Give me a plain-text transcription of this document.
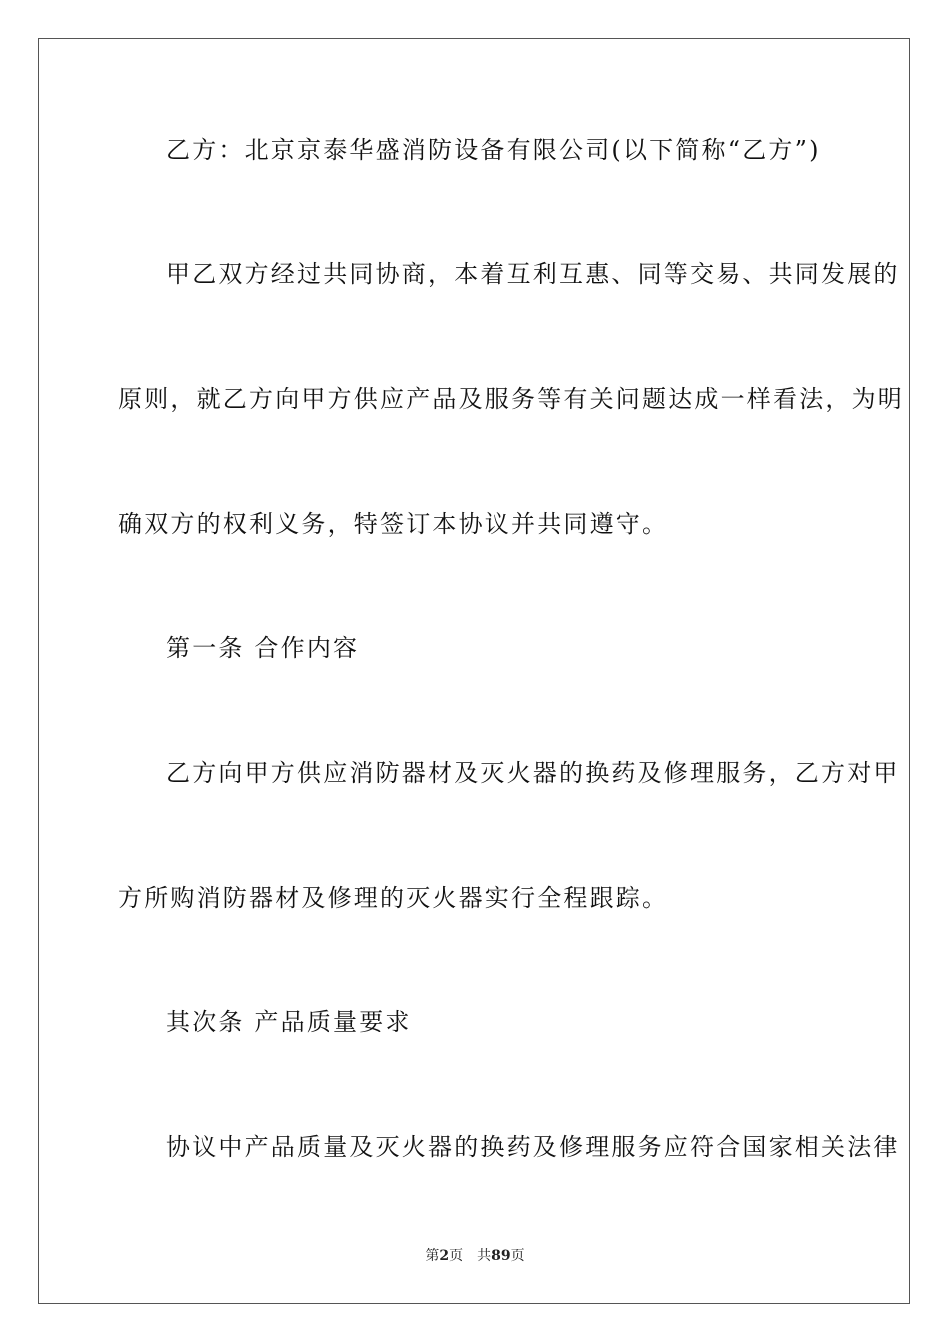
乙方：北京京泰华盛消防设备有限公司(以下简称“乙方”)
甲乙双方经过共同协商，本着互利互惠、同等交易、共同发展的
原则，就乙方向甲方供应产品及服务等有关问题达成一样看法，为明
确双方的权利义务，特签订本协议并共同遵守。
第一条 合作内容
乙方向甲方供应消防器材及灭火器的换药及修理服务，乙方对甲
方所购消防器材及修理的灭火器实行全程跟踪。
其次条 产品质量要求
协议中产品质量及灭火器的换药及修理服务应符合国家相关法律
第2页 共89页
